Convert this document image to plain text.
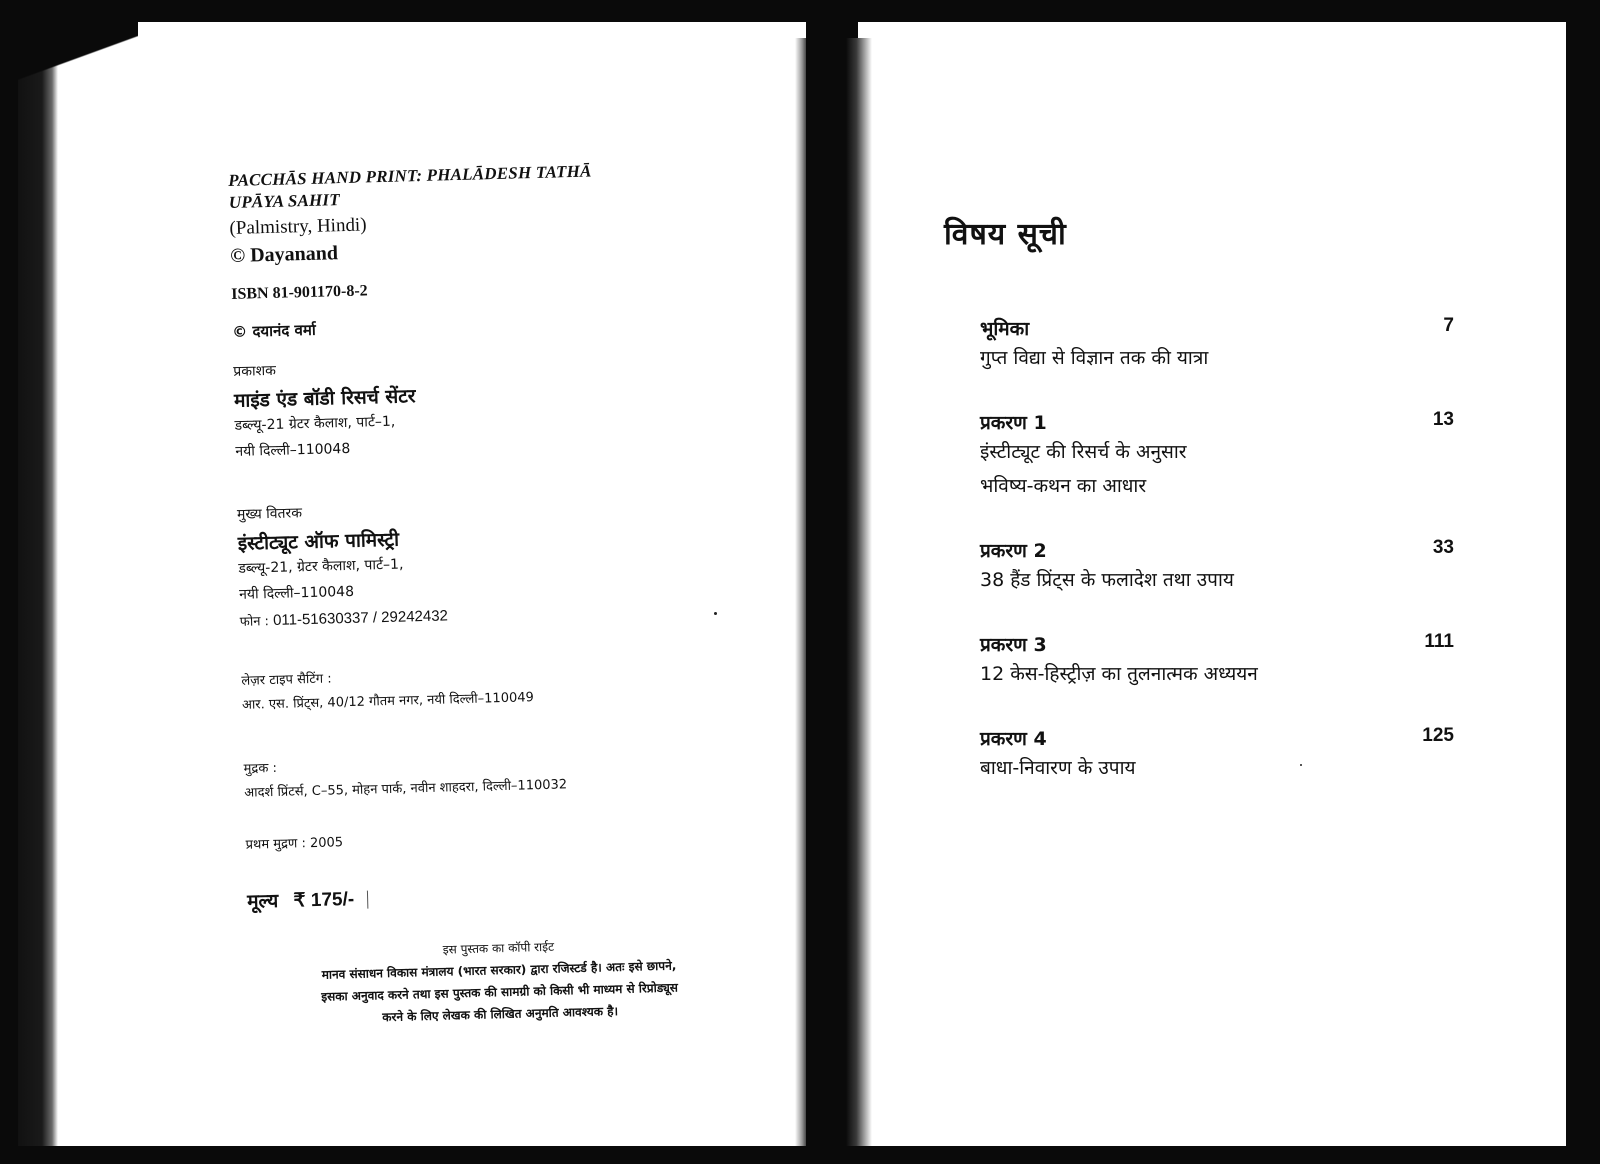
PACCHĀS HAND PRINT: PHALĀDESH TATHĀ UPĀYA SAHIT
(Palmistry, Hindi)
© Dayanand
ISBN 81-901170-8-2
© दयानंद वर्मा
प्रकाशक
माइंड एंड बॉडी रिसर्च सेंटर
डब्ल्यू-21 ग्रेटर कैलाश, पार्ट–1,
नयी दिल्ली–110048
मुख्य वितरक
इंस्टीट्यूट ऑफ पामिस्ट्री
डब्ल्यू-21, ग्रेटर कैलाश, पार्ट–1,
नयी दिल्ली–110048
फोन : 011-51630337 / 29242432
लेज़र टाइप सैटिंग :
आर. एस. प्रिंट्स, 40/12 गौतम नगर, नयी दिल्ली–110049
मुद्रक :
आदर्श प्रिंटर्स, C–55, मोहन पार्क, नवीन शाहदरा, दिल्ली–110032
प्रथम मुद्रण : 2005
मूल्य ₹ 175/-
इस पुस्तक का कॉपी राईट
मानव संसाधन विकास मंत्रालय (भारत सरकार) द्वारा रजिस्टर्ड है। अतः इसे छापने,
इसका अनुवाद करने तथा इस पुस्तक की सामग्री को किसी भी माध्यम से रिप्रोड्यूस
करने के लिए लेखक की लिखित अनुमति आवश्यक है।
विषय सूची
भूमिका	7
गुप्त विद्या से विज्ञान तक की यात्रा
प्रकरण 1	13
इंस्टीट्यूट की रिसर्च के अनुसार
भविष्य-कथन का आधार
प्रकरण 2	33
38 हैंड प्रिंट्स के फलादेश तथा उपाय
प्रकरण 3	111
12 केस-हिस्ट्रीज़ का तुलनात्मक अध्ययन
प्रकरण 4	125
बाधा-निवारण के उपाय
